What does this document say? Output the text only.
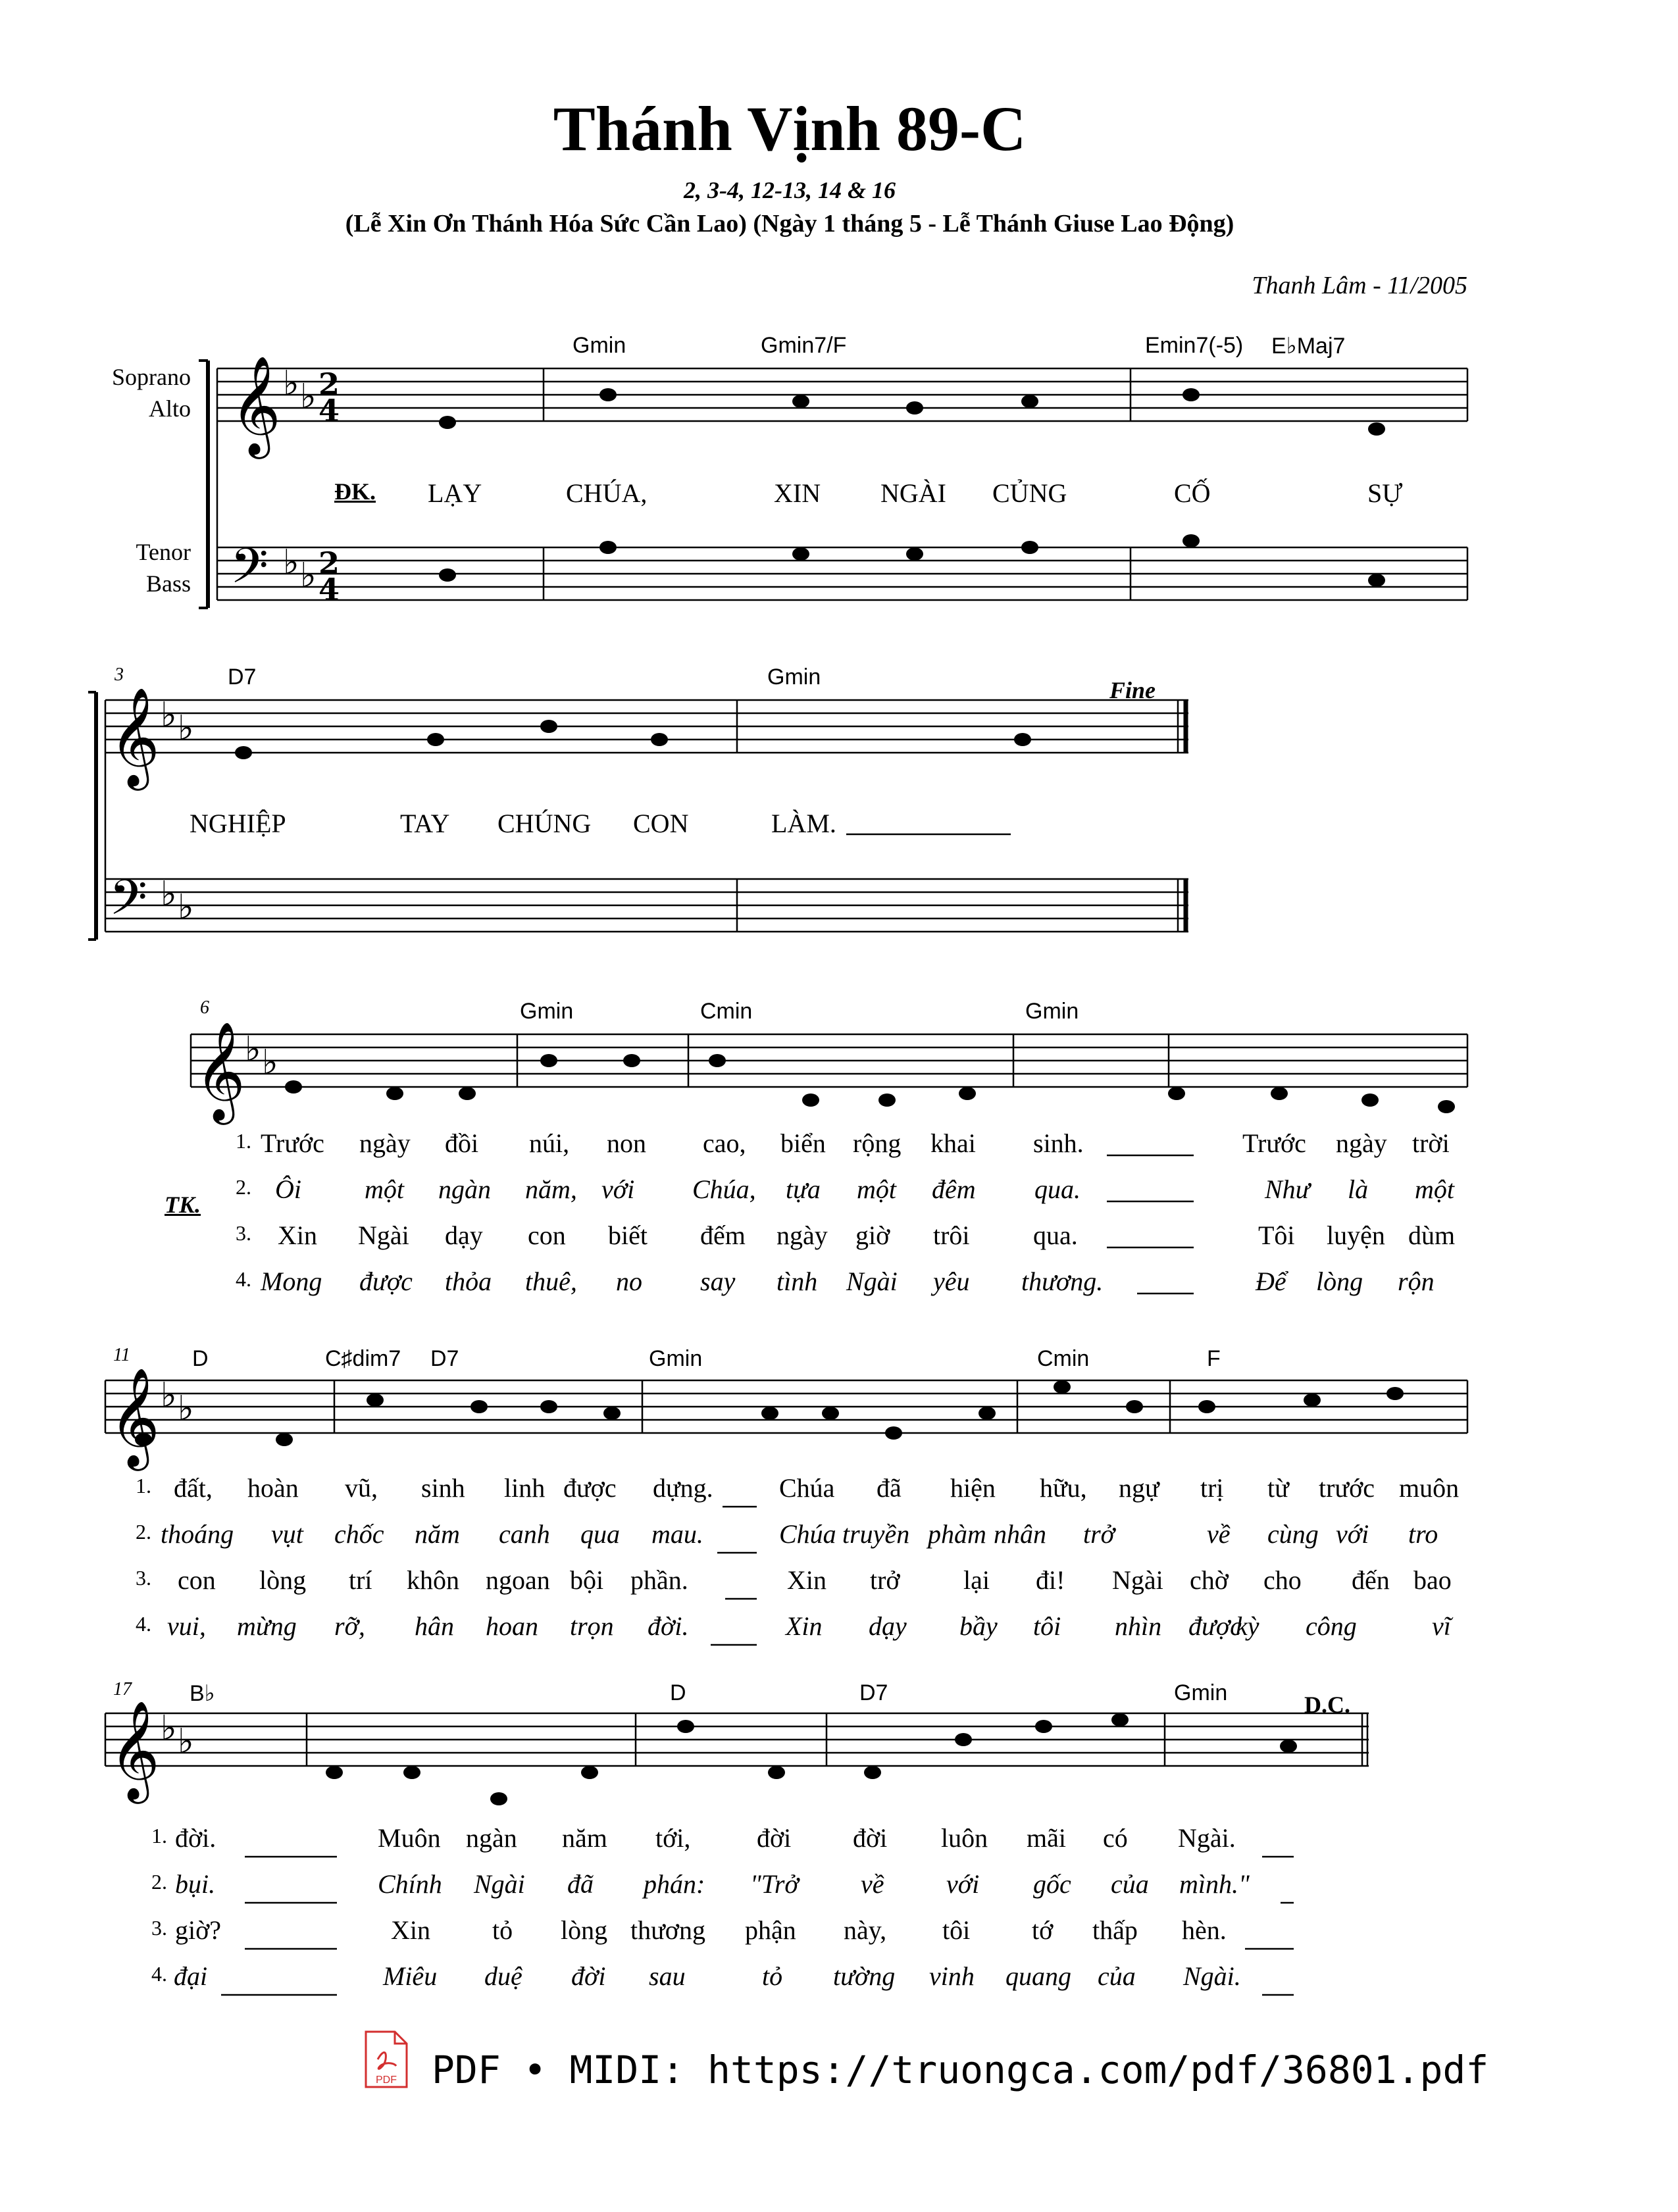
Thánh Vịnh 89-C
2, 3-4, 12-13, 14 & 16
(Lễ Xin Ơn Thánh Hóa Sức Cần Lao) (Ngày 1 tháng 5 - Lễ Thánh Giuse Lao Động)
Thanh Lâm - 11/2005
Soprano
Alto
Tenor
Bass
𝄞
𝄢
𝄞
𝄢
𝄞
𝄞
𝄞
♭ ♭
♭ ♭
♭ ♭
♭ ♭
♭ ♭
♭ ♭
♭ ♭
2
4
2
4
Gmin	Gmin7/F	Emin7(-5) E♭Maj7
ĐK. LẠY	CHÚA,	XIN NGÀI CỦNG	CỐ	SỰ
3	D7	Gmin	Fine
NGHIỆP	TAY CHÚNG CON	LÀM.
6	Gmin	Cmin	Gmin
TK.
1. Trước ngày đồi núi, non cao, biển rộng khai sinh.	Trước ngày trời
2. Ôi một ngàn năm, với Chúa, tựa một đêm qua.	Như là một
3. Xin Ngài dạy con biết đếm ngày giờ trôi qua.	Tôi luyện dùm
4. Mong được thỏa thuê, no say tình Ngài yêu thương.	Để lòng rộn
11	D	C♯dim7 D7	Gmin	Cmin	F
1. đất, hoàn vũ, sinh linh được dựng.	Chúa đã hiện hữu, ngự trị từ trước muôn
2. thoáng vụt chốc năm canh qua mau.	Chúa truyền phàm nhân trở	về cùng với tro
3. con lòng trí khôn ngoan bội phần.	Xin trở lại đi! Ngài chờ cho đến bao
4. vui, mừng rỡ, hân hoan trọn đời.	Xin dạy bầy tôi nhìn được
kỳ công	vĩ
17	B♭	D	D7	Gmin	D.C.
1. đời.	Muôn ngàn năm tới,	đời đời luôn mãi có Ngài.
2. bụi.	Chính Ngài đã phán: "Trở về với gốc của mình."
3. giờ?	Xin tỏ lòng thương phận này, tôi tớ thấp hèn.
4. đại	Miêu duệ đời sau	tỏ tường vinh quang của Ngài.
PDF PDF • MIDI: https://truongca.com/pdf/36801.pdf
